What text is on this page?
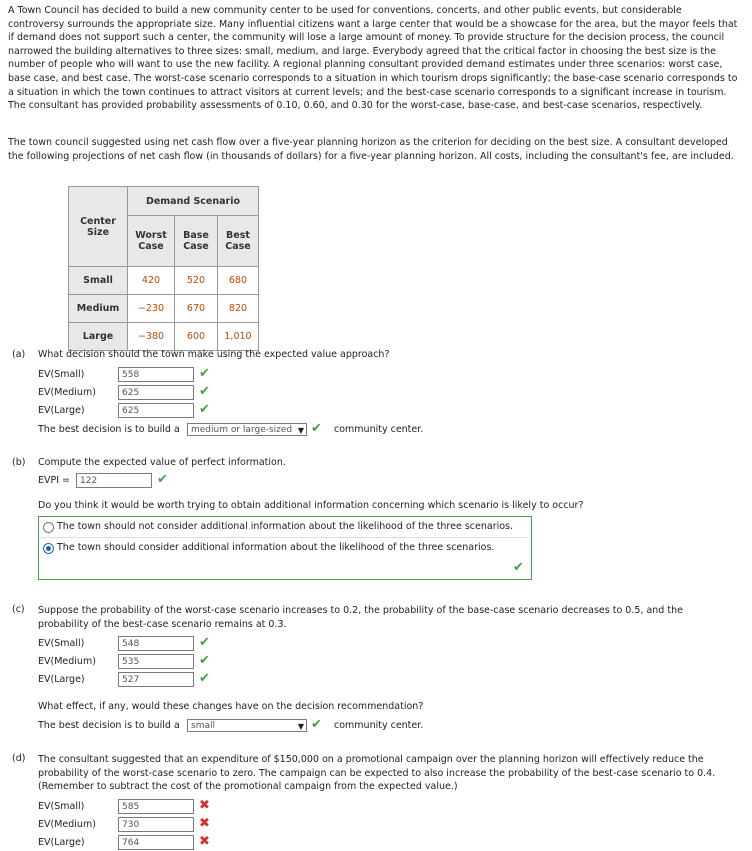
A Town Council has decided to build a new community center to be used for conventions, concerts, and other public events, but considerable controversy surrounds the appropriate size. Many influential citizens want a large center that would be a showcase for the area, but the mayor feels that if demand does not support such a center, the community will lose a large amount of money. To provide structure for the decision process, the council narrowed the building alternatives to three sizes: small, medium, and large. Everybody agreed that the critical factor in choosing the best size is the number of people who will want to use the new facility. A regional planning consultant provided demand estimates under three scenarios: worst case, base case, and best case. The worst-case scenario corresponds to a situation in which tourism drops significantly; the base-case scenario corresponds to a situation in which the town continues to attract visitors at current levels; and the best-case scenario corresponds to a significant increase in tourism. The consultant has provided probability assessments of 0.10, 0.60, and 0.30 for the worst-case, base-case, and best-case scenarios, respectively.

The town council suggested using net cash flow over a five-year planning horizon as the criterion for deciding on the best size. A consultant developed the following projections of net cash flow (in thousands of dollars) for a five-year planning horizon. All costs, including the consultant's fee, are included.

Center Size	Demand Scenario		
	Worst Case	Base Case	Best Case
Small	420	520	680
Medium	−230	670	820
Large	−380	600	1,010
(a) What decision should the town make using the expected value approach?
EV(Small)	558	✔
EV(Medium)	625	✔
EV(Large)	625	✔
The best decision is to build a	medium or large-sized ▼ ✔ community center.
(b) Compute the expected value of perfect information.
EVPI =	122	✔
Do you think it would be worth trying to obtain additional information concerning which scenario is likely to occur?
The town should not consider additional information about the likelihood of the three scenarios.
The town should consider additional information about the likelihood of the three scenarios.
✔
(c) Suppose the probability of the worst-case scenario increases to 0.2, the probability of the base-case scenario decreases to 0.5, and the probability of the best-case scenario remains at 0.3.

EV(Small)	548	✔
EV(Medium)	535	✔
EV(Large)	527	✔
What effect, if any, would these changes have on the decision recommendation?
The best decision is to build a	small	▼ ✔ community center.
(d) The consultant suggested that an expenditure of $150,000 on a promotional campaign over the planning horizon will effectively reduce the probability of the worst-case scenario to zero. The campaign can be expected to also increase the probability of the best-case scenario to 0.4. (Remember to subtract the cost of the promotional campaign from the expected value.)

EV(Small)	585	✖
EV(Medium)	730	✖
EV(Large)	764	✖
